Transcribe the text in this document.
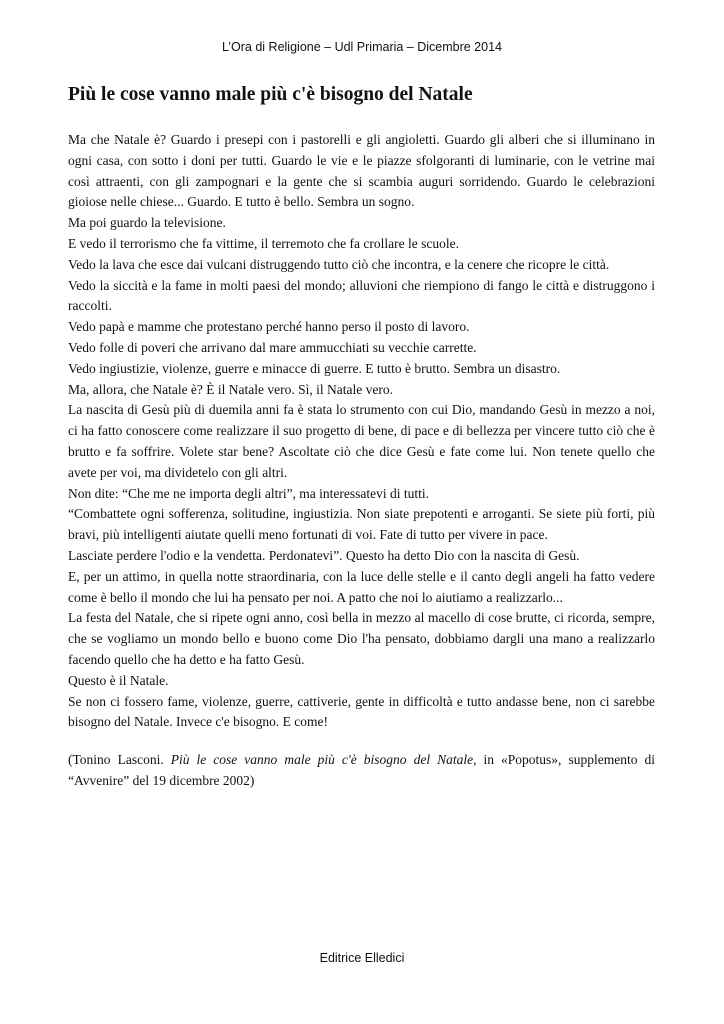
L’Ora di Religione – Udl Primaria – Dicembre 2014
Più le cose vanno male più c'è bisogno del Natale

Ma che Natale è? Guardo i presepi con i pastorelli e gli angioletti. Guardo gli alberi che si illuminano in ogni casa, con sotto i doni per tutti. Guardo le vie e le piazze sfolgoranti di luminarie, con le vetrine mai così attraenti, con gli zampognari e la gente che si scambia auguri sorridendo. Guardo le celebrazioni gioiose nelle chiese... Guardo. E tutto è bello. Sembra un sogno.

Ma poi guardo la televisione.

E vedo il terrorismo che fa vittime, il terremoto che fa crollare le scuole.

Vedo la lava che esce dai vulcani distruggendo tutto ciò che incontra, e la cenere che ricopre le città.

Vedo la siccità e la fame in molti paesi del mondo; alluvioni che riempiono di fango le città e distruggono i raccolti.

Vedo papà e mamme che protestano perché hanno perso il posto di lavoro.

Vedo folle di poveri che arrivano dal mare ammucchiati su vecchie carrette.

Vedo ingiustizie, violenze, guerre e minacce di guerre. E tutto è brutto. Sembra un disastro.

Ma, allora, che Natale è? È il Natale vero. Sì, il Natale vero.

La nascita di Gesù più di duemila anni fa è stata lo strumento con cui Dio, mandando Gesù in mezzo a noi, ci ha fatto conoscere come realizzare il suo progetto di bene, di pace e di bellezza per vincere tutto ciò che è brutto e fa soffrire. Volete star bene? Ascoltate ciò che dice Gesù e fate come lui. Non tenete quello che avete per voi, ma dividetelo con gli altri.

Non dite: “Che me ne importa degli altri”, ma interessatevi di tutti.

“Combattete ogni sofferenza, solitudine, ingiustizia. Non siate prepotenti e arroganti. Se siete più forti, più bravi, più intelligenti aiutate quelli meno fortunati di voi. Fate di tutto per vivere in pace.

Lasciate perdere l'odio e la vendetta. Perdonatevi”. Questo ha detto Dio con la nascita di Gesù.

E, per un attimo, in quella notte straordinaria, con la luce delle stelle e il canto degli angeli ha fatto vedere come è bello il mondo che lui ha pensato per noi. A patto che noi lo aiutiamo a realizzarlo...

La festa del Natale, che si ripete ogni anno, così bella in mezzo al macello di cose brutte, ci ricorda, sempre, che se vogliamo un mondo bello e buono come Dio l'ha pensato, dobbiamo dargli una mano a realizzarlo facendo quello che ha detto e ha fatto Gesù.

Questo è il Natale.

Se non ci fossero fame, violenze, guerre, cattiverie, gente in difficoltà e tutto andasse bene, non ci sarebbe bisogno del Natale. Invece c'e bisogno. E come!

(Tonino Lasconi. Più le cose vanno male più c'è bisogno del Natale, in «Popotus», supplemento di “Avvenire” del 19 dicembre 2002)

Editrice Elledici
